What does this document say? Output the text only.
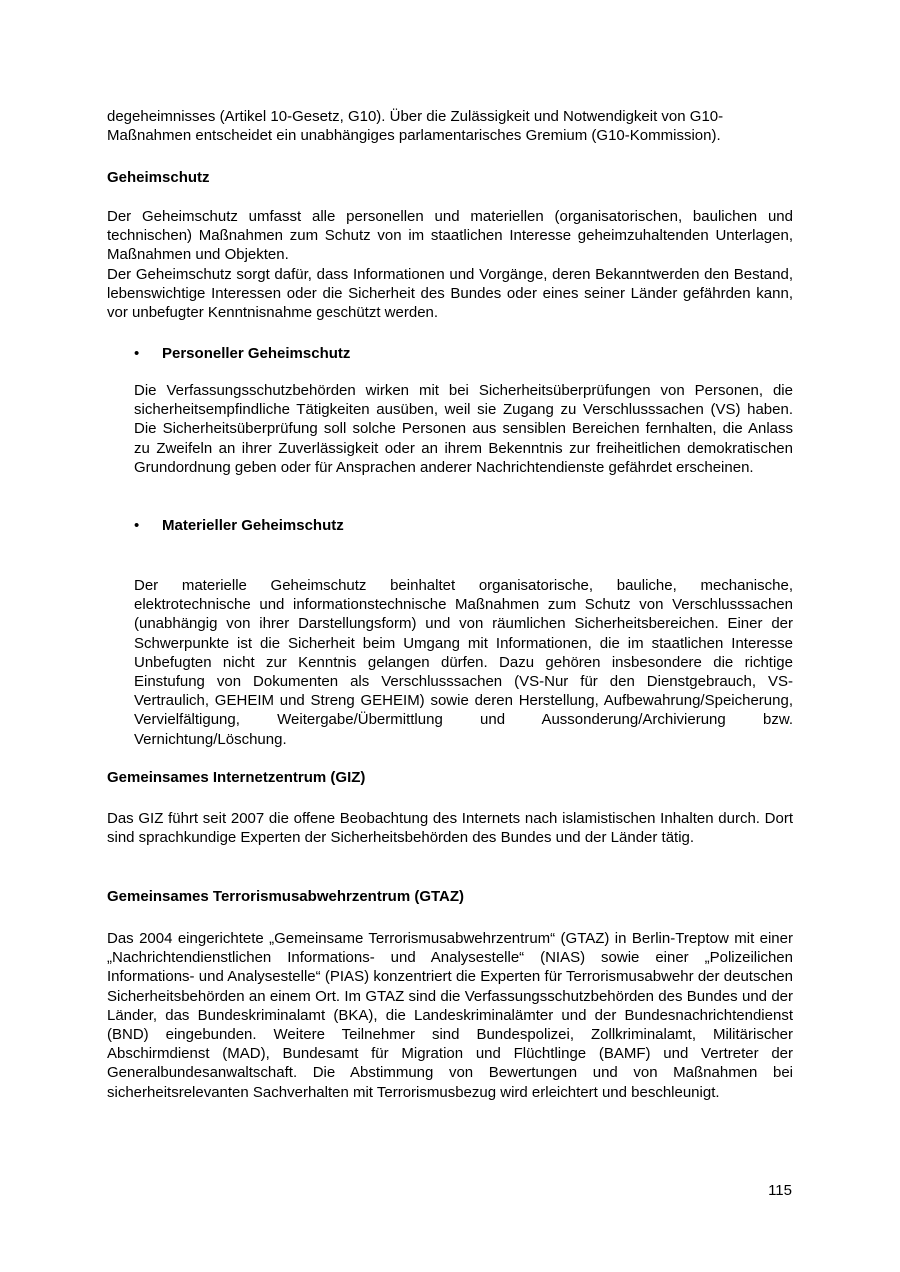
degeheimnisses (Artikel 10-Gesetz, G10). Über die Zulässigkeit und Notwendigkeit von G10-
Maßnahmen entscheidet ein unabhängiges parlamentarisches Gremium (G10-Kommission).

Geheimschutz

Der Geheimschutz umfasst alle personellen und materiellen (organisatorischen, baulichen und technischen) Maßnahmen zum Schutz von im staatlichen Interesse geheimzuhaltenden Unterlagen, Maßnahmen und Objekten.

Der Geheimschutz sorgt dafür, dass Informationen und Vorgänge, deren Bekanntwerden den Bestand, lebenswichtige Interessen oder die Sicherheit des Bundes oder eines seiner Länder gefährden kann, vor unbefugter Kenntnisnahme geschützt werden.

• Personeller Geheimschutz

Die Verfassungsschutzbehörden wirken mit bei Sicherheitsüberprüfungen von Personen, die sicherheitsempfindliche Tätigkeiten ausüben, weil sie Zugang zu Verschlusssachen (VS) haben. Die Sicherheitsüberprüfung soll solche Personen aus sensiblen Bereichen fernhalten, die Anlass zu Zweifeln an ihrer Zuverlässigkeit oder an ihrem Bekenntnis zur freiheitlichen demokratischen Grundordnung geben oder für Ansprachen anderer Nachrichtendienste gefährdet erscheinen.

• Materieller Geheimschutz

Der materielle Geheimschutz beinhaltet organisatorische, bauliche, mechanische, elektrotechnische und informationstechnische Maßnahmen zum Schutz von Verschlusssachen (unabhängig von ihrer Darstellungsform) und von räumlichen Sicherheitsbereichen. Einer der Schwerpunkte ist die Sicherheit beim Umgang mit Informationen, die im staatlichen Interesse Unbefugten nicht zur Kenntnis gelangen dürfen. Dazu gehören insbesondere die richtige Einstufung von Dokumenten als Verschlusssachen (VS-Nur für den Dienstgebrauch, VS-Vertraulich, GEHEIM und Streng GEHEIM) sowie deren Herstellung, Aufbewahrung/Speicherung, Vervielfältigung, Weitergabe/Übermittlung und Aussonderung/Archivierung bzw. Vernichtung/Löschung.

Gemeinsames Internetzentrum (GIZ)

Das GIZ führt seit 2007 die offene Beobachtung des Internets nach islamistischen Inhalten durch. Dort sind sprachkundige Experten der Sicherheitsbehörden des Bundes und der Länder tätig.

Gemeinsames Terrorismusabwehrzentrum (GTAZ)

Das 2004 eingerichtete „Gemeinsame Terrorismusabwehrzentrum“ (GTAZ) in Berlin-Treptow mit einer „Nachrichtendienstlichen Informations- und Analysestelle“ (NIAS) sowie einer „Polizeilichen Informations- und Analysestelle“ (PIAS) konzentriert die Experten für Terrorismusabwehr der deutschen Sicherheitsbehörden an einem Ort. Im GTAZ sind die Verfassungsschutzbehörden des Bundes und der Länder, das Bundeskriminalamt (BKA), die Landeskriminalämter und der Bundesnachrichtendienst (BND) eingebunden. Weitere Teilnehmer sind Bundespolizei, Zollkriminalamt, Militärischer Abschirmdienst (MAD), Bundesamt für Migration und Flüchtlinge (BAMF) und Vertreter der Generalbundesanwaltschaft. Die Abstimmung von Bewertungen und von Maßnahmen bei sicherheitsrelevanten Sachverhalten mit Terrorismusbezug wird erleichtert und beschleunigt.

115
